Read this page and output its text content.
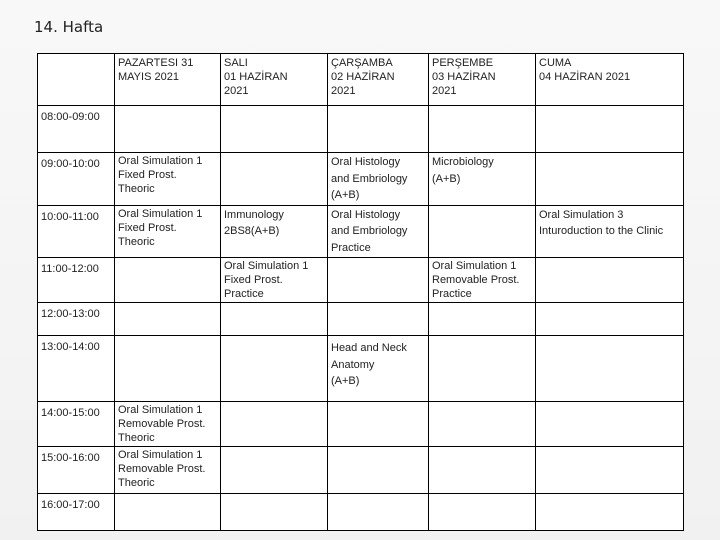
14. Hafta
	PAZARTESI 31
MAYIS 2021	SALI
01 HAZİRAN
2021	ÇARŞAMBA
02 HAZİRAN
2021	PERŞEMBE
03 HAZİRAN
2021	CUMA
04 HAZİRAN 2021
08:00-09:00					
09:00-10:00	Oral Simulation 1
Fixed Prost.
Theoric		Oral Histology
and Embriology
(A+B)	Microbiology
(A+B)	
10:00-11:00	Oral Simulation 1
Fixed Prost.
Theoric	Immunology
2BS8(A+B)	Oral Histology
and Embriology
Practice		Oral Simulation 3
Inturoduction to the Clinic
11:00-12:00		Oral Simulation 1
Fixed Prost.
Practice		Oral Simulation 1
Removable Prost.
Practice	
12:00-13:00					
13:00-14:00			Head and Neck
Anatomy
(A+B)		
14:00-15:00	Oral Simulation 1
Removable Prost.
Theoric				
15:00-16:00	Oral Simulation 1
Removable Prost.
Theoric				
16:00-17:00					
